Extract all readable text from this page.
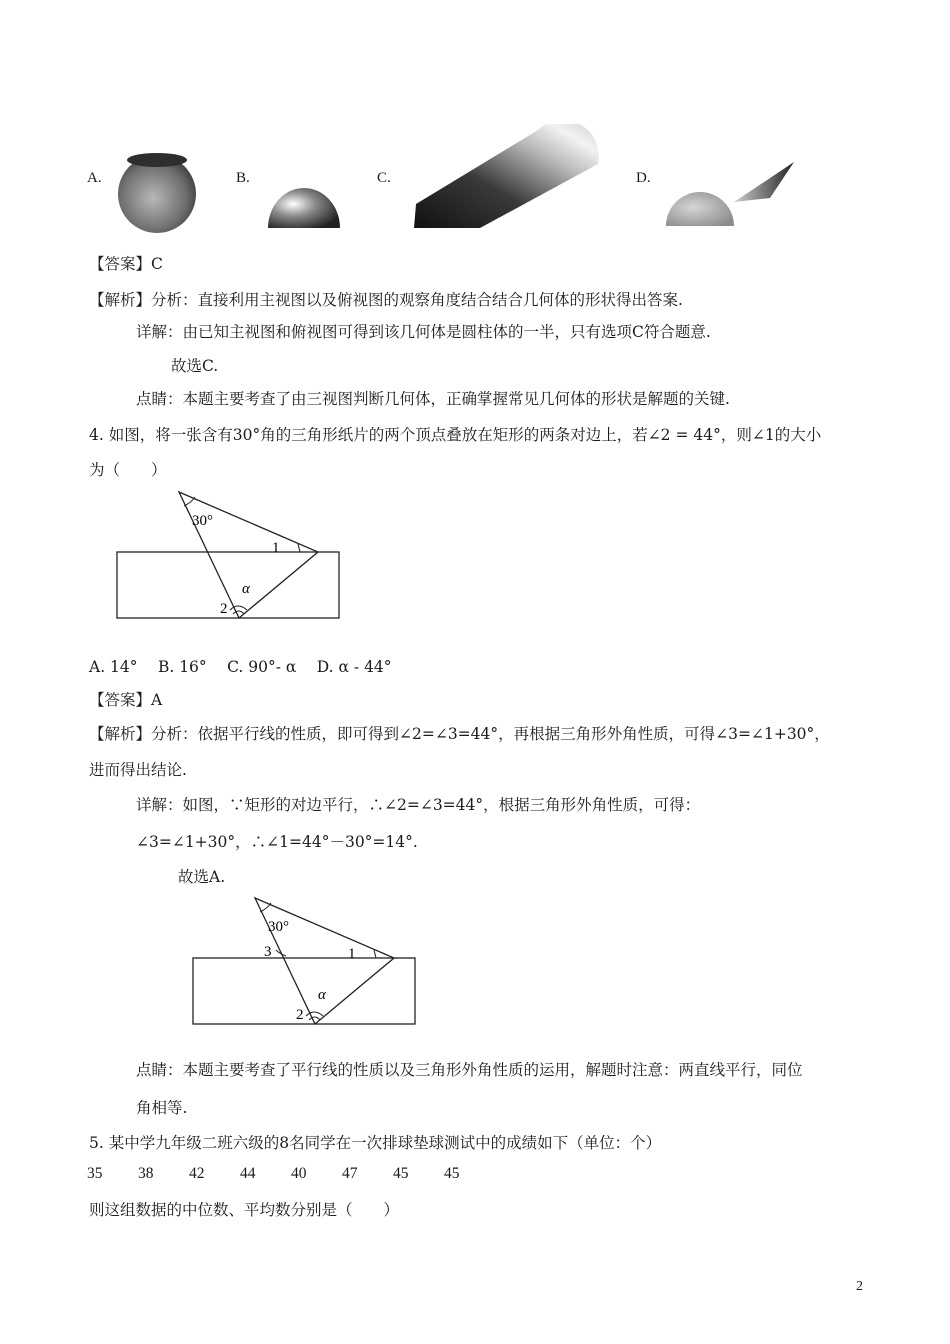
A.	B.	C.	D.
【答案】C
【解析】分析：直接利用主视图以及俯视图的观察角度结合结合几何体的形状得出答案.
详解：由已知主视图和俯视图可得到该几何体是圆柱体的一半，只有选项C符合题意.
故选C.
点睛：本题主要考查了由三视图判断几何体，正确掌握常见几何体的形状是解题的关键.
4. 如图，将一张含有30°角的三角形纸片的两个顶点叠放在矩形的两条对边上，若∠2 = 44°，则∠1的大小
为（　　）
30°
1
α
2
A. 14°　 B. 16°　 C. 90°- α　 D. α - 44°
【答案】A
【解析】分析：依据平行线的性质，即可得到∠2=∠3=44°，再根据三角形外角性质，可得∠3=∠1+30°，
进而得出结论.
详解：如图，∵矩形的对边平行，∴∠2=∠3=44°，根据三角形外角性质，可得：
∠3=∠1+30°，∴∠1=44°－30°=14°.
故选A.
30°
3	1
α
2
点睛：本题主要考查了平行线的性质以及三角形外角性质的运用，解题时注意：两直线平行，同位
角相等.
5. 某中学九年级二班六级的8名同学在一次排球垫球测试中的成绩如下（单位：个）
35 38 42 44 40 47 45 45
则这组数据的中位数、平均数分别是（　　）
2
